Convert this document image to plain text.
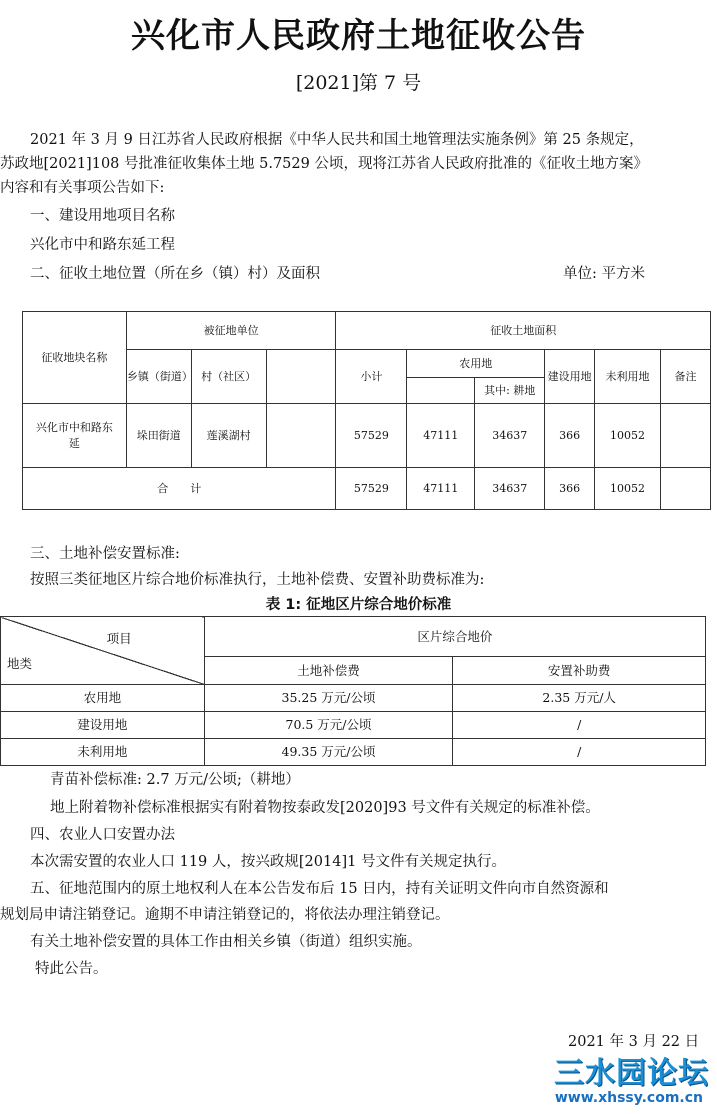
兴化市人民政府土地征收公告
[2021]第 7 号
2021 年 3 月 9 日江苏省人民政府根据《中华人民共和国土地管理法实施条例》第 25 条规定，
苏政地[2021]108 号批准征收集体土地 5.7529 公顷，现将江苏省人民政府批准的《征收土地方案》
内容和有关事项公告如下:
一、建设用地项目名称
兴化市中和路东延工程
二、征收土地位置（所在乡（镇）村）及面积	单位: 平方米
征收地块名称	被征地单位			征收土地面积					
	乡镇（街道）	村（社区）		小计	农用地		建设用地	未利用地	备注
						其中: 耕地			
兴化市中和路东延	垛田街道	莲溪湖村		57529	47111	34637	366	10052	
合　　计				57529	47111	34637	366	10052	
三、土地补偿安置标准:
按照三类征地区片综合地价标准执行，土地补偿费、安置补助费标准为:
表 1: 征地区片综合地价标准
项目
地类	区片综合地价	
	土地补偿费	安置补助费
农用地	35.25 万元/公顷	2.35 万元/人
建设用地	70.5 万元/公顷	/
未利用地	49.35 万元/公顷	/
青苗补偿标准: 2.7 万元/公顷;（耕地）
地上附着物补偿标准根据实有附着物按泰政发[2020]93 号文件有关规定的标准补偿。
四、农业人口安置办法
本次需安置的农业人口 119 人，按兴政规[2014]1 号文件有关规定执行。
五、征地范围内的原土地权利人在本公告发布后 15 日内，持有关证明文件向市自然资源和
规划局申请注销登记。逾期不申请注销登记的，将依法办理注销登记。
有关土地补偿安置的具体工作由相关乡镇（街道）组织实施。
特此公告。
2021 年 3 月 22 日
三水园论坛
www.xhssy.com.cn
